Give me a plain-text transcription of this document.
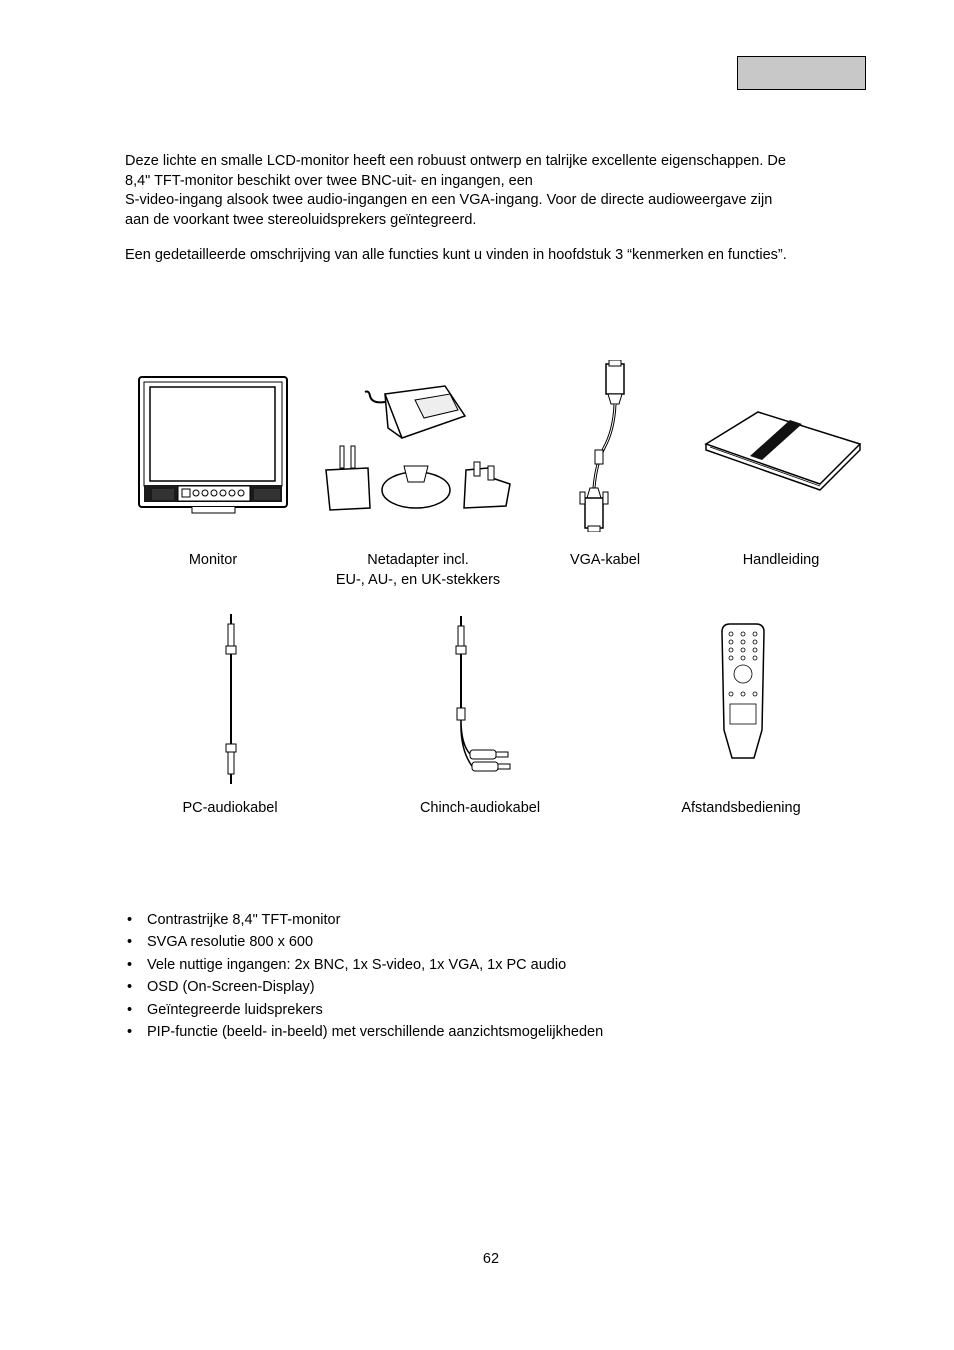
Deze lichte en smalle LCD-monitor heeft een robuust ontwerp en talrijke excellente eigenschappen. De
8,4" TFT-monitor beschikt over twee BNC-uit- en ingangen, een
S-video-ingang alsook twee audio-ingangen en een VGA-ingang. Voor de directe audioweergave zijn
aan de voorkant twee stereoluidsprekers geïntegreerd.
Een gedetailleerde omschrijving van alle functies kunt u vinden in hoofdstuk 3 “kenmerken en functies”.
Monitor	Netadapter incl.
EU-, AU-, en UK-stekkers
VGA-kabel	Handleiding
PC-audiokabel	Chinch-audiokabel	Afstandsbediening
• Contrastrijke 8,4" TFT-monitor
• SVGA resolutie 800 x 600
• Vele nuttige ingangen: 2x BNC, 1x S-video, 1x VGA, 1x PC audio
• OSD (On-Screen-Display)
• Geïntegreerde luidsprekers
• PIP-functie (beeld- in-beeld) met verschillende aanzichtsmogelijkheden
62
